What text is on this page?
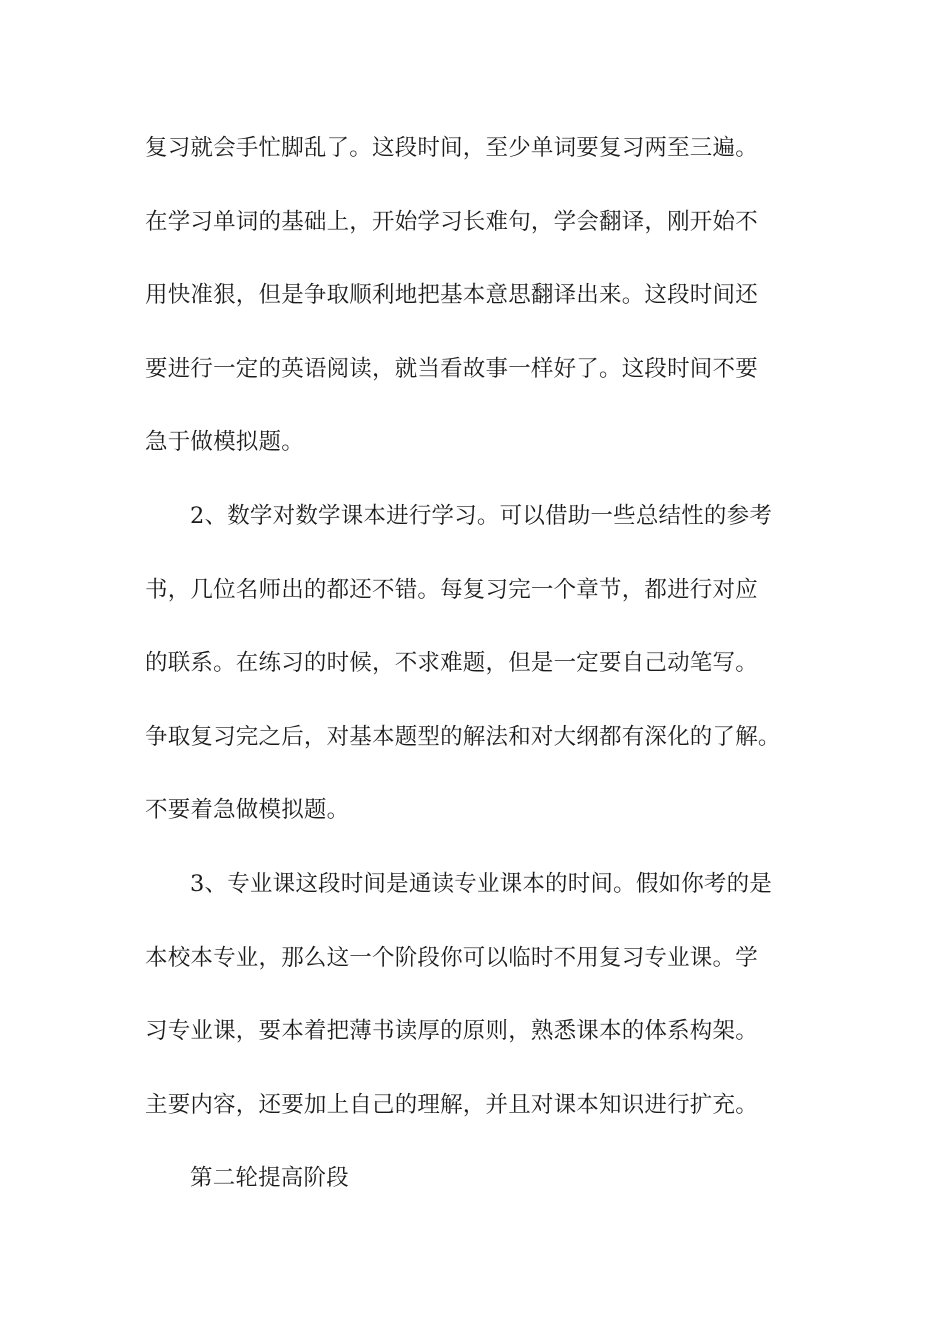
复习就会手忙脚乱了。这段时间，至少单词要复习两至三遍。
在学习单词的基础上，开始学习长难句，学会翻译，刚开始不
用快准狠，但是争取顺利地把基本意思翻译出来。这段时间还
要进行一定的英语阅读，就当看故事一样好了。这段时间不要
急于做模拟题。
2、数学对数学课本进行学习。可以借助一些总结性的参考
书，几位名师出的都还不错。每复习完一个章节，都进行对应
的联系。在练习的时候，不求难题，但是一定要自己动笔写。
争取复习完之后，对基本题型的解法和对大纲都有深化的了解。
不要着急做模拟题。
3、专业课这段时间是通读专业课本的时间。假如你考的是
本校本专业，那么这一个阶段你可以临时不用复习专业课。学
习专业课，要本着把薄书读厚的原则，熟悉课本的体系构架。
主要内容，还要加上自己的理解，并且对课本知识进行扩充。
第二轮提高阶段
